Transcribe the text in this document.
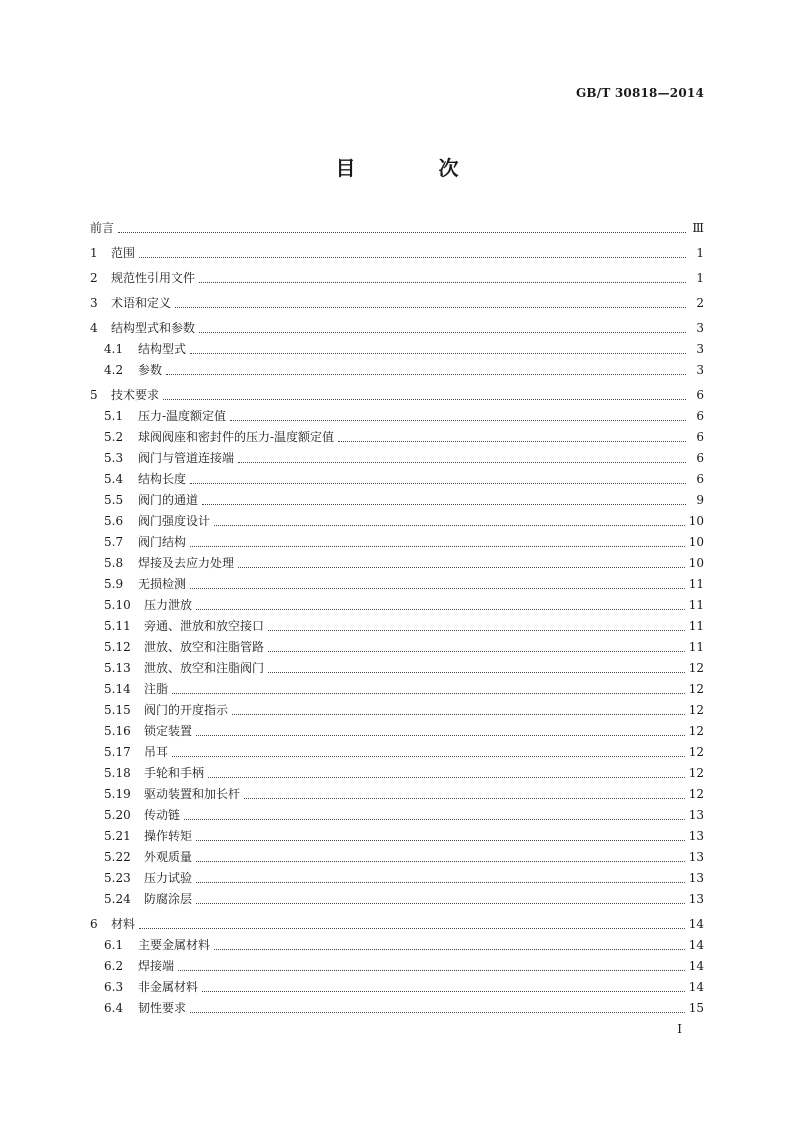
GB/T 30818—2014
目 次
前言	Ⅲ
1	范围	1
2	规范性引用文件	1
3	术语和定义	2
4	结构型式和参数	3
4.1	结构型式	3
4.2	参数	3
5	技术要求	6
5.1	压力-温度额定值	6
5.2	球阀阀座和密封件的压力-温度额定值	6
5.3	阀门与管道连接端	6
5.4	结构长度	6
5.5	阀门的通道	9
5.6	阀门强度设计	10
5.7	阀门结构	10
5.8	焊接及去应力处理	10
5.9	无损检测	11
5.10	压力泄放	11
5.11	旁通、泄放和放空接口	11
5.12	泄放、放空和注脂管路	11
5.13	泄放、放空和注脂阀门	12
5.14	注脂	12
5.15	阀门的开度指示	12
5.16	锁定装置	12
5.17	吊耳	12
5.18	手轮和手柄	12
5.19	驱动装置和加长杆	12
5.20	传动链	13
5.21	操作转矩	13
5.22	外观质量	13
5.23	压力试验	13
5.24	防腐涂层	13
6	材料	14
6.1	主要金属材料	14
6.2	焊接端	14
6.3	非金属材料	14
6.4	韧性要求	15
I
